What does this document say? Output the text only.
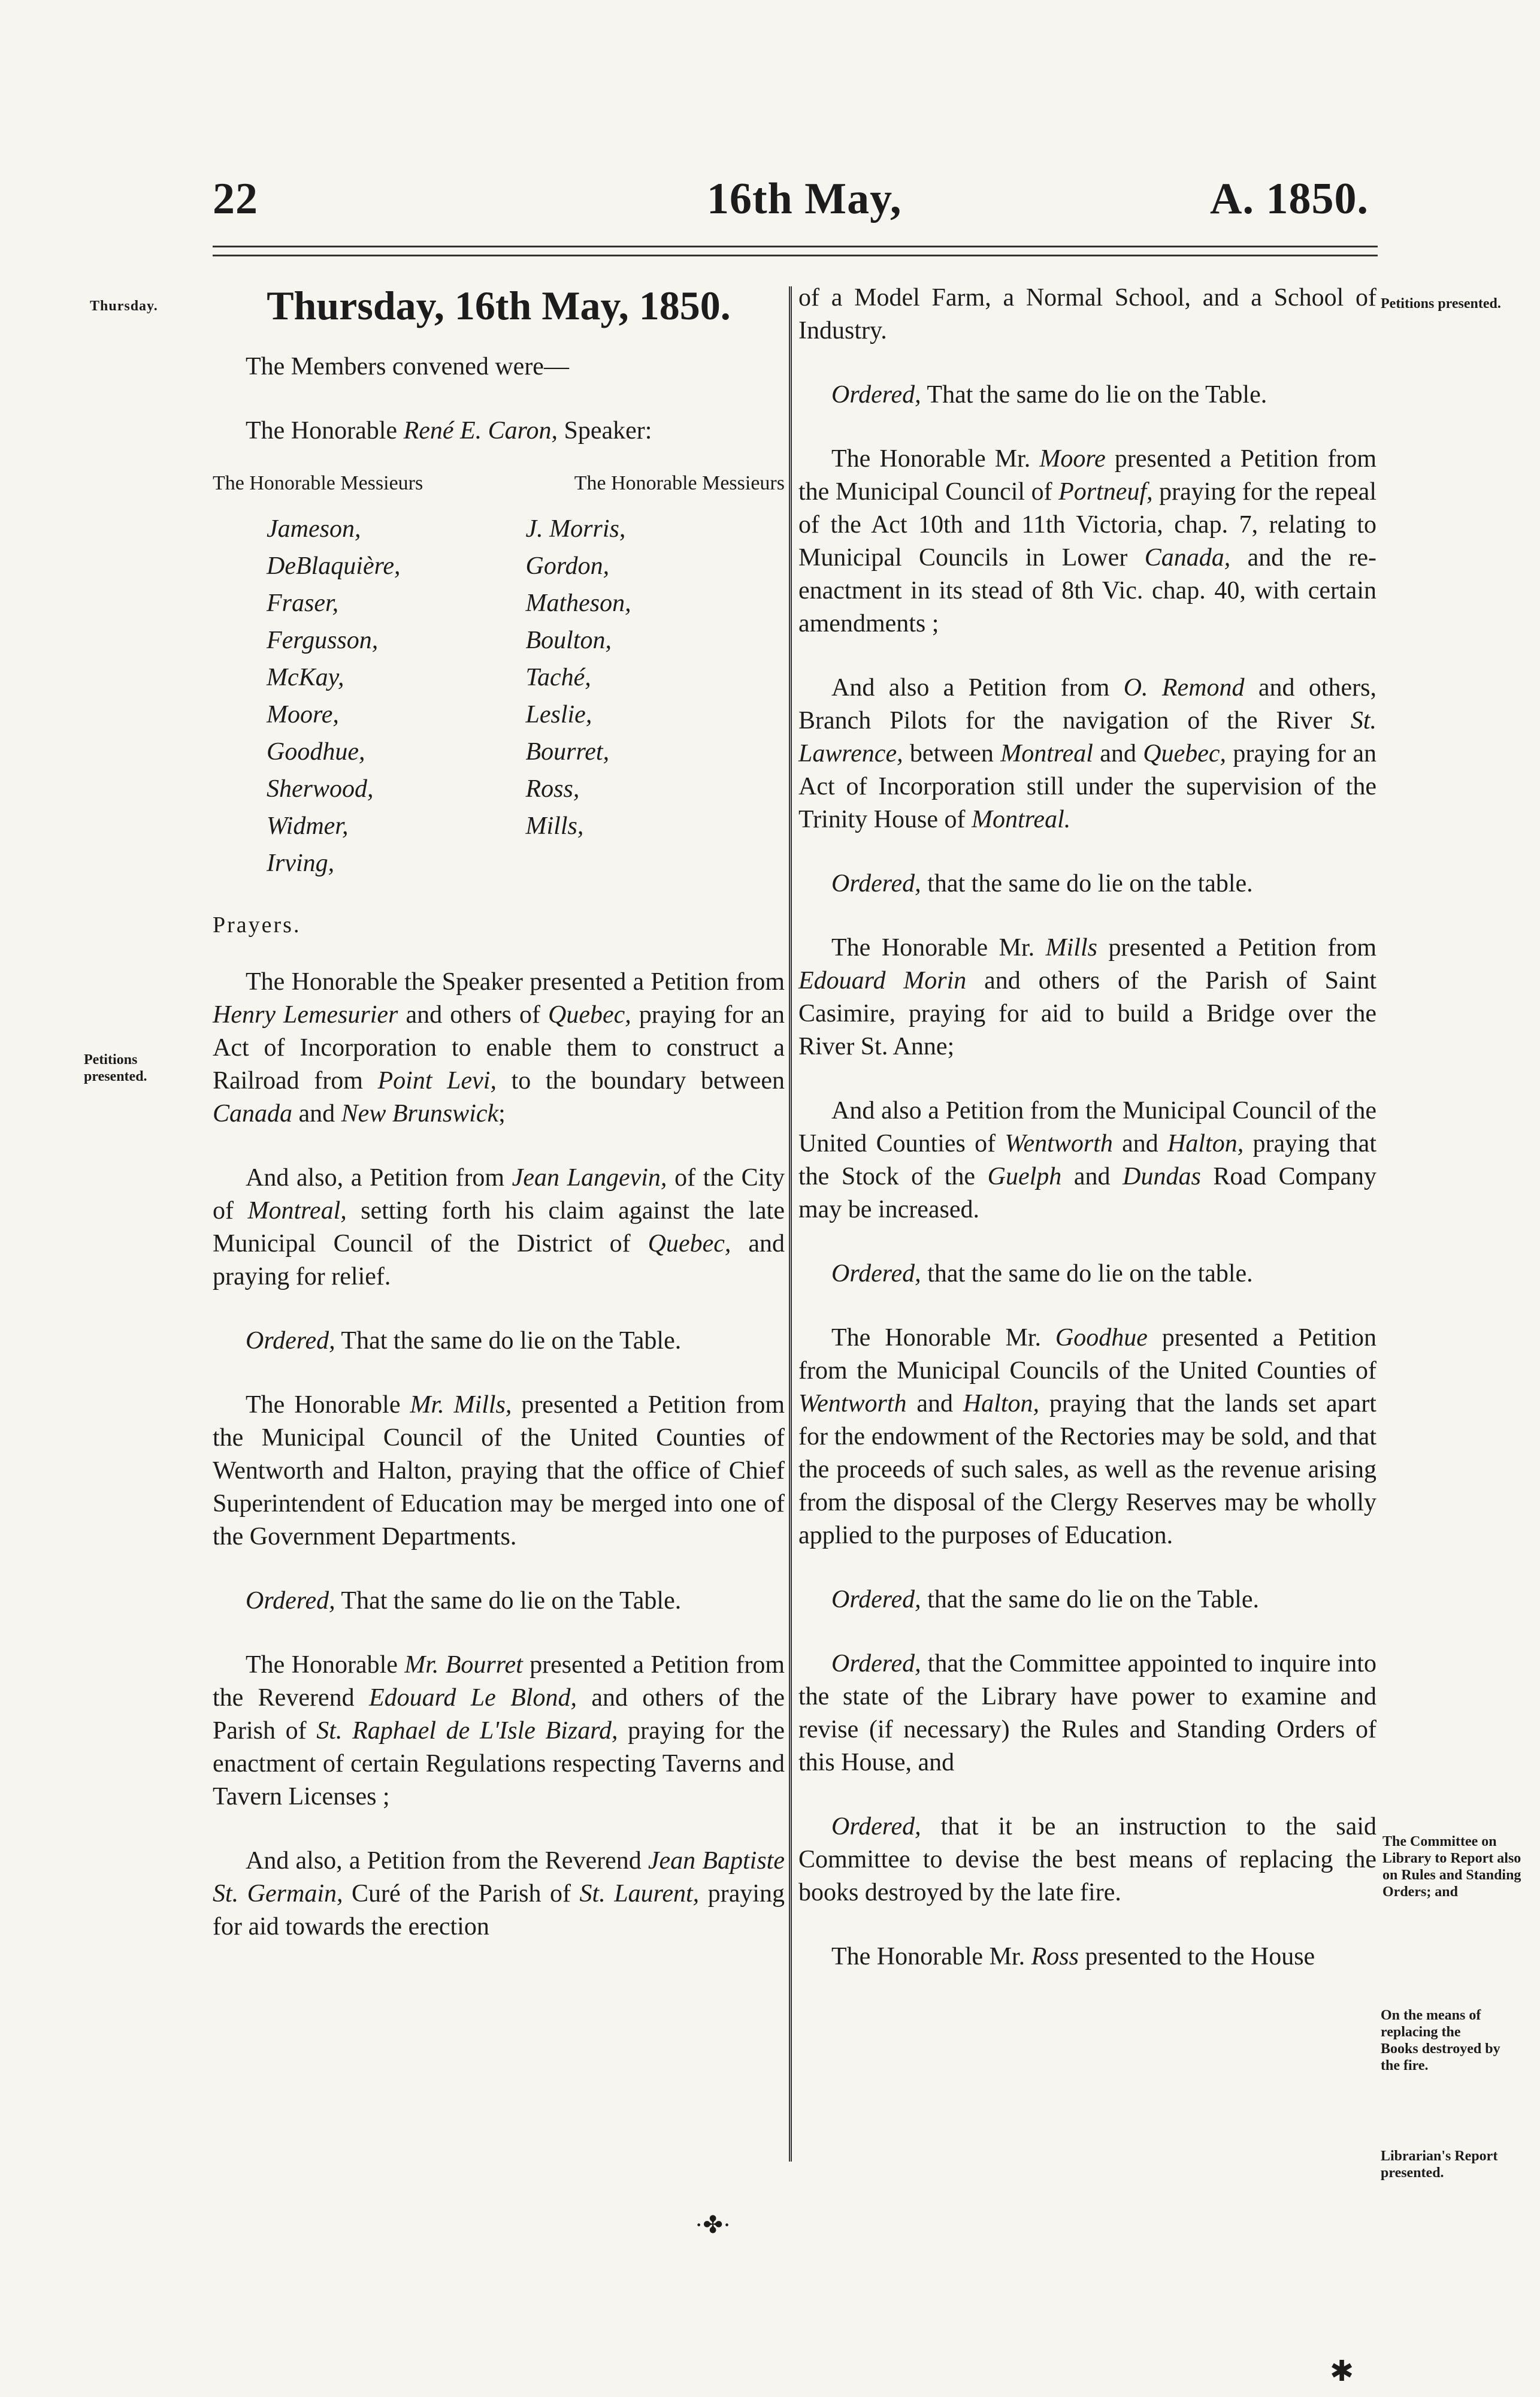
22	16th May,	A. 1850.
Thursday.
Petitions presented.
Petitions presented.
The Committee on Library to Report also on Rules and Standing Orders; and
On the means of replacing the Books destroyed by the fire.
Librarian's Report presented.
Thursday, 16th May, 1850.

The Members convened were—

The Honorable René E. Caron, Speaker:

The Honorable Messieurs	The Honorable Messieurs
Jameson,	J. Morris,
DeBlaquière,	Gordon,
Fraser,	Matheson,
Fergusson,	Boulton,
McKay,	Taché,
Moore,	Leslie,
Goodhue,	Bourret,
Sherwood,	Ross,
Widmer,	Mills,
Irving,
Prayers.

The Honorable the Speaker presented a Petition from Henry Lemesurier and others of Quebec, praying for an Act of Incorporation to enable them to construct a Railroad from Point Levi, to the boundary between Canada and New Brunswick;

And also, a Petition from Jean Langevin, of the City of Montreal, setting forth his claim against the late Municipal Council of the District of Quebec, and praying for relief.

Ordered, That the same do lie on the Table.

The Honorable Mr. Mills, presented a Petition from the Municipal Council of the United Counties of Wentworth and Halton, praying that the office of Chief Superintendent of Education may be merged into one of the Government Departments.

Ordered, That the same do lie on the Table.

The Honorable Mr. Bourret presented a Petition from the Reverend Edouard Le Blond, and others of the Parish of St. Raphael de L'Isle Bizard, praying for the enactment of certain Regulations respecting Taverns and Tavern Licenses ;

And also, a Petition from the Reverend Jean Baptiste St. Germain, Curé of the Parish of St. Laurent, praying for aid towards the erection

of a Model Farm, a Normal School, and a School of Industry.

Ordered, That the same do lie on the Table.

The Honorable Mr. Moore presented a Petition from the Municipal Council of Portneuf, praying for the repeal of the Act 10th and 11th Victoria, chap. 7, relating to Municipal Councils in Lower Canada, and the re-enactment in its stead of 8th Vic. chap. 40, with certain amendments ;

And also a Petition from O. Remond and others, Branch Pilots for the navigation of the River St. Lawrence, between Montreal and Quebec, praying for an Act of Incorporation still under the supervision of the Trinity House of Montreal.

Ordered, that the same do lie on the table.

The Honorable Mr. Mills presented a Petition from Edouard Morin and others of the Parish of Saint Casimire, praying for aid to build a Bridge over the River St. Anne;

And also a Petition from the Municipal Council of the United Counties of Wentworth and Halton, praying that the Stock of the Guelph and Dundas Road Company may be increased.

Ordered, that the same do lie on the table.

The Honorable Mr. Goodhue presented a Petition from the Municipal Councils of the United Counties of Wentworth and Halton, praying that the lands set apart for the endowment of the Rectories may be sold, and that the proceeds of such sales, as well as the revenue arising from the disposal of the Clergy Reserves may be wholly applied to the purposes of Education.

Ordered, that the same do lie on the Table.

Ordered, that the Committee appointed to inquire into the state of the Library have power to examine and revise (if necessary) the Rules and Standing Orders of this House, and

Ordered, that it be an instruction to the said Committee to devise the best means of replacing the books destroyed by the late fire.

The Honorable Mr. Ross presented to the House

·✤·
✱
